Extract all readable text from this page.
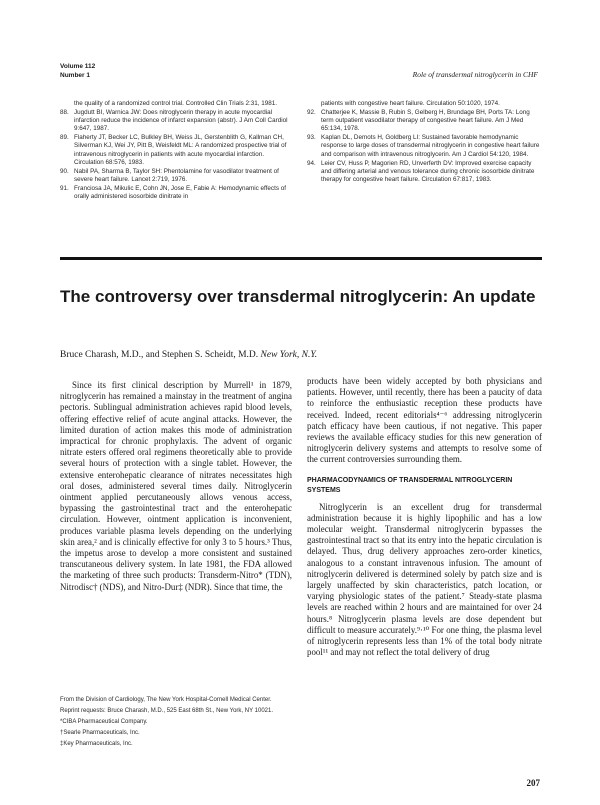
Volume 112
Number 1	Role of transdermal nitroglycerin in CHF

the quality of a randomized control trial. Controlled Clin Trials 2:31, 1981.

88. Jugdutt BI, Warnica JW: Does nitroglycerin therapy in acute myocardial infarction reduce the incidence of infarct expansion (abstr). J Am Coll Cardiol 9:647, 1987.

89. Flaherty JT, Becker LC, Bulkley BH, Weiss JL, Gerstenblith G, Kallman CH, Silverman KJ, Wei JY, Pitt B, Weisfeldt ML: A randomized prospective trial of intravenous nitroglycerin in patients with acute myocardial infarction. Circulation 68:576, 1983.

90. Nabil PA, Sharma B, Taylor SH: Phentolamine for vasodilator treatment of severe heart failure. Lancet 2:719, 1976.

91. Franciosa JA, Mikulic E, Cohn JN, Jose E, Fabie A: Hemodynamic effects of orally administered isosorbide dinitrate in

patients with congestive heart failure. Circulation 50:1020, 1974.

92. Chatterjee K, Massie B, Rubin S, Gelberg H, Brundage BH, Ports TA: Long term outpatient vasodilator therapy of congestive heart failure. Am J Med 65:134, 1978.

93. Kaplan DL, Demots H, Goldberg LI: Sustained favorable hemodynamic response to large doses of transdermal nitroglycerin in congestive heart failure and comparison with intravenous nitroglycerin. Am J Cardiol 54:120, 1984.

94. Leier CV, Huss P, Magorien RD, Unverferth DV: Improved exercise capacity and differing arterial and venous tolerance during chronic isosorbide dinitrate therapy for congestive heart failure. Circulation 67:817, 1983.

The controversy over transdermal nitroglycerin: An update
Bruce Charash, M.D., and Stephen S. Scheidt, M.D. New York, N.Y.

Since its first clinical description by Murrell¹ in 1879, nitroglycerin has remained a mainstay in the treatment of angina pectoris. Sublingual administration achieves rapid blood levels, offering effective relief of acute anginal attacks. However, the limited duration of action makes this mode of administration impractical for chronic prophylaxis. The advent of organic nitrate esters offered oral regimens theoretically able to provide several hours of protection with a single tablet. However, the extensive enterohepatic clearance of nitrates necessitates high oral doses, administered several times daily. Nitroglycerin ointment applied percutaneously allows venous access, bypassing the gastrointestinal tract and the enterohepatic circulation. However, ointment application is inconvenient, produces variable plasma levels depending on the underlying skin area,² and is clinically effective for only 3 to 5 hours.³ Thus, the impetus arose to develop a more consistent and sustained transcutaneous delivery system. In late 1981, the FDA allowed the marketing of three such products: Transderm-Nitro* (TDN), Nitrodisc† (NDS), and Nitro-Dur‡ (NDR). Since that time, the

products have been widely accepted by both physicians and patients. However, until recently, there has been a paucity of data to reinforce the enthusiastic reception these products have received. Indeed, recent editorials⁴⁻⁶ addressing nitroglycerin patch efficacy have been cautious, if not negative. This paper reviews the available efficacy studies for this new generation of nitroglycerin delivery systems and attempts to resolve some of the current controversies surrounding them.

PHARMACODYNAMICS OF TRANSDERMAL NITROGLYCERIN SYSTEMS

Nitroglycerin is an excellent drug for transdermal administration because it is highly lipophilic and has a low molecular weight. Transdermal nitroglycerin bypasses the gastrointestinal tract so that its entry into the hepatic circulation is delayed. Thus, drug delivery approaches zero-order kinetics, analogous to a constant intravenous infusion. The amount of nitroglycerin delivered is determined solely by patch size and is largely unaffected by skin characteristics, patch location, or varying physiologic states of the patient.⁷ Steady-state plasma levels are reached within 2 hours and are maintained for over 24 hours.⁸ Nitroglycerin plasma levels are dose dependent but difficult to measure accurately.⁹·¹⁰ For one thing, the plasma level of nitroglycerin represents less than 1% of the total body nitrate pool¹¹ and may not reflect the total delivery of drug

From the Division of Cardiology, The New York Hospital-Cornell Medical Center.

Reprint requests: Bruce Charash, M.D., 525 East 68th St., New York, NY 10021.

*CIBA Pharmaceutical Company.

†Searle Pharmaceuticals, Inc.

‡Key Pharmaceuticals, Inc.

207
